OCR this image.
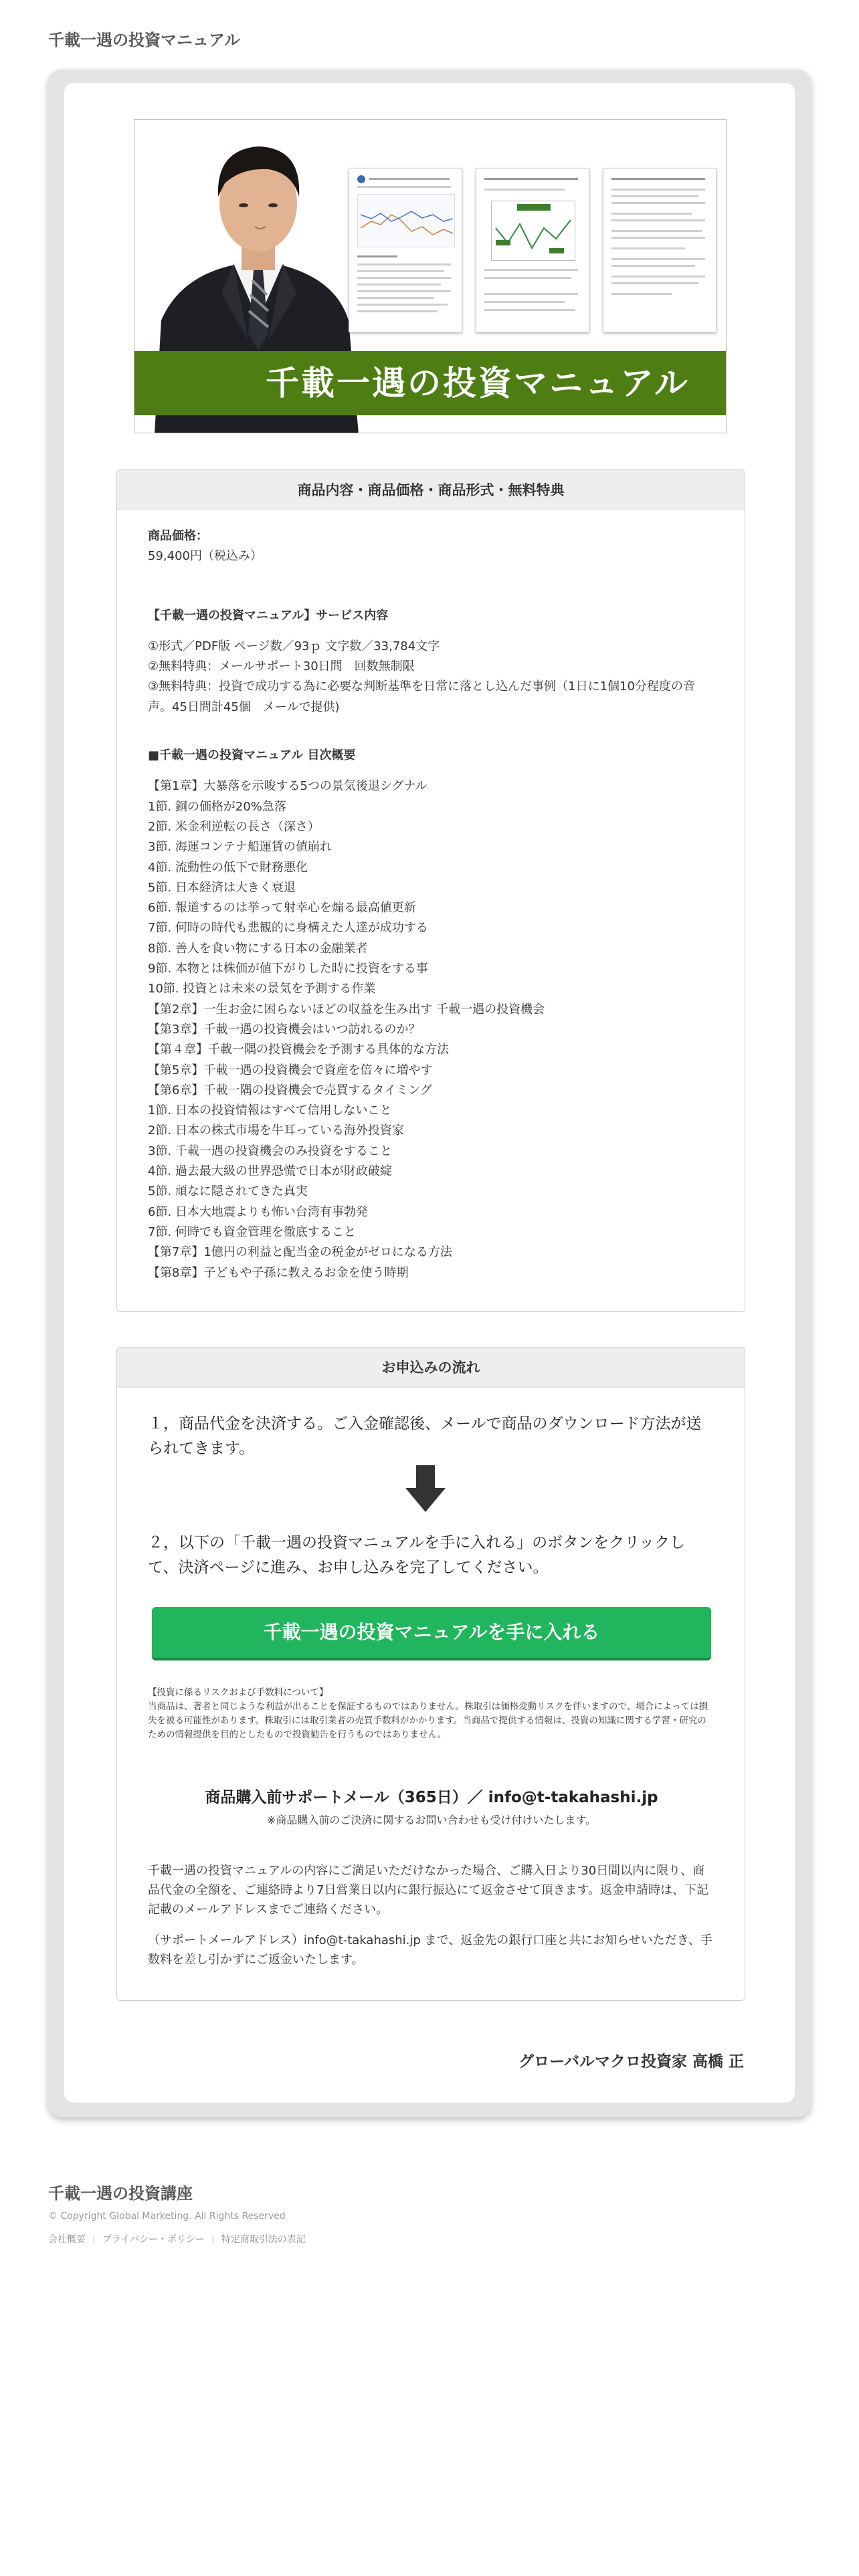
千載一遇の投資マニュアル
千載一遇の投資マニュアル
商品内容・商品価格・商品形式・無料特典
商品価格：
59,400円（税込み）
【千載一遇の投資マニュアル】サービス内容
①形式／PDF版 ページ数／93ｐ 文字数／33,784文字
②無料特典：メールサポート30日間　回数無制限
③無料特典：投資で成功する為に必要な判断基準を日常に落とし込んだ事例（1日に1個10分程度の音声。45日間計45個　メールで提供)
■千載一遇の投資マニュアル 目次概要
【第1章】大暴落を示唆する5つの景気後退シグナル
1節. 銅の価格が20%急落
2節. 米金利逆転の長さ（深さ）
3節. 海運コンテナ船運賃の値崩れ
4節. 流動性の低下で財務悪化
5節. 日本経済は大きく衰退
6節. 報道するのは挙って射幸心を煽る最高値更新
7節. 何時の時代も悲観的に身構えた人達が成功する
8節. 善人を食い物にする日本の金融業者
9節. 本物とは株価が値下がりした時に投資をする事
10節. 投資とは未来の景気を予測する作業
【第2章】一生お金に困らないほどの収益を生み出す 千載一遇の投資機会
【第3章】千載一遇の投資機会はいつ訪れるのか？
【第４章】千載一隅の投資機会を予測する具体的な方法
【第5章】千載一遇の投資機会で資産を倍々に増やす
【第6章】千載一隅の投資機会で売買するタイミング
1節. 日本の投資情報はすべて信用しないこと
2節. 日本の株式市場を牛耳っている海外投資家
3節. 千載一遇の投資機会のみ投資をすること
4節. 過去最大級の世界恐慌で日本が財政破綻
5節. 頑なに隠されてきた真実
6節. 日本大地震よりも怖い台湾有事勃発
7節. 何時でも資金管理を徹底すること
【第7章】1億円の利益と配当金の税金がゼロになる方法
【第8章】子どもや子孫に教えるお金を使う時期
お申込みの流れ
１，商品代金を決済する。ご入金確認後、メールで商品のダウンロード方法が送られてきます。
２，以下の「千載一遇の投資マニュアルを手に入れる」のボタンをクリックして、決済ページに進み、お申し込みを完了してください。
千載一遇の投資マニュアルを手に入れる
【投資に係るリスクおよび手数料について】
当商品は、著者と同じような利益が出ることを保証するものではありません。株取引は価格変動リスクを伴いますので、場合によっては損失を被る可能性があります。株取引には取引業者の売買手数料がかかります。当商品で提供する情報は、投資の知識に関する学習・研究のための情報提供を目的としたもので投資勧告を行うものではありません。
商品購入前サポートメール（365日）／ info@t-takahashi.jp
※商品購入前のご決済に関するお問い合わせも受け付けいたします。
千載一遇の投資マニュアルの内容にご満足いただけなかった場合、ご購入日より30日間以内に限り、商品代金の全額を、ご連絡時より7日営業日以内に銀行振込にて返金させて頂きます。返金申請時は、下記記載のメールアドレスまでご連絡ください。
（サポートメールアドレス）info@t-takahashi.jp まで、返金先の銀行口座と共にお知らせいただき、手数料を差し引かずにご返金いたします。
グローバルマクロ投資家 高橋 正
千載一遇の投資講座
© Copyright Global Marketing. All Rights Reserved
会社概要 | プライバシー・ポリシー | 特定商取引法の表記
